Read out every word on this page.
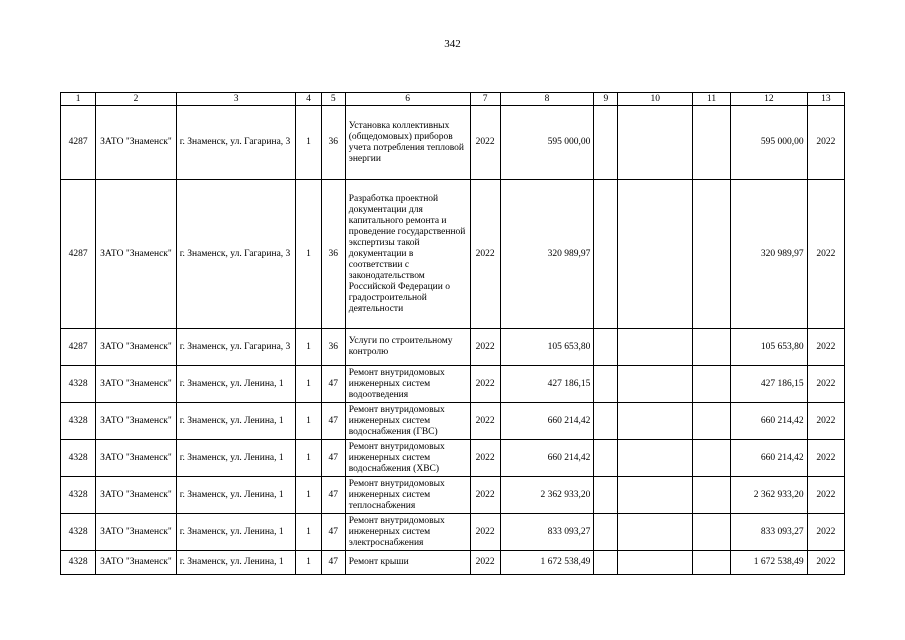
342
1	2	3	4	5	6	7	8	9	10	11	12	13
4287	ЗАТО "Знаменск"	г. Знаменск, ул. Гагарина, 3	1	36	Установка коллективных (общедомовых) приборов учета потребления тепловой энергии	2022	595 000,00				595 000,00	2022
4287	ЗАТО "Знаменск"	г. Знаменск, ул. Гагарина, 3	1	36	Разработка проектной документации для капитального ремонта и проведение государственной экспертизы такой документации в соответствии с законодательством Российской Федерации о градостроительной деятельности	2022	320 989,97				320 989,97	2022
4287	ЗАТО "Знаменск"	г. Знаменск, ул. Гагарина, 3	1	36	Услуги по строительному контролю	2022	105 653,80				105 653,80	2022
4328	ЗАТО "Знаменск"	г. Знаменск, ул. Ленина, 1	1	47	Ремонт внутридомовых инженерных систем водоотведения	2022	427 186,15				427 186,15	2022
4328	ЗАТО "Знаменск"	г. Знаменск, ул. Ленина, 1	1	47	Ремонт внутридомовых инженерных систем водоснабжения (ГВС)	2022	660 214,42				660 214,42	2022
4328	ЗАТО "Знаменск"	г. Знаменск, ул. Ленина, 1	1	47	Ремонт внутридомовых инженерных систем водоснабжения (ХВС)	2022	660 214,42				660 214,42	2022
4328	ЗАТО "Знаменск"	г. Знаменск, ул. Ленина, 1	1	47	Ремонт внутридомовых инженерных систем теплоснабжения	2022	2 362 933,20				2 362 933,20	2022
4328	ЗАТО "Знаменск"	г. Знаменск, ул. Ленина, 1	1	47	Ремонт внутридомовых инженерных систем электроснабжения	2022	833 093,27				833 093,27	2022
4328	ЗАТО "Знаменск"	г. Знаменск, ул. Ленина, 1	1	47	Ремонт крыши	2022	1 672 538,49				1 672 538,49	2022
